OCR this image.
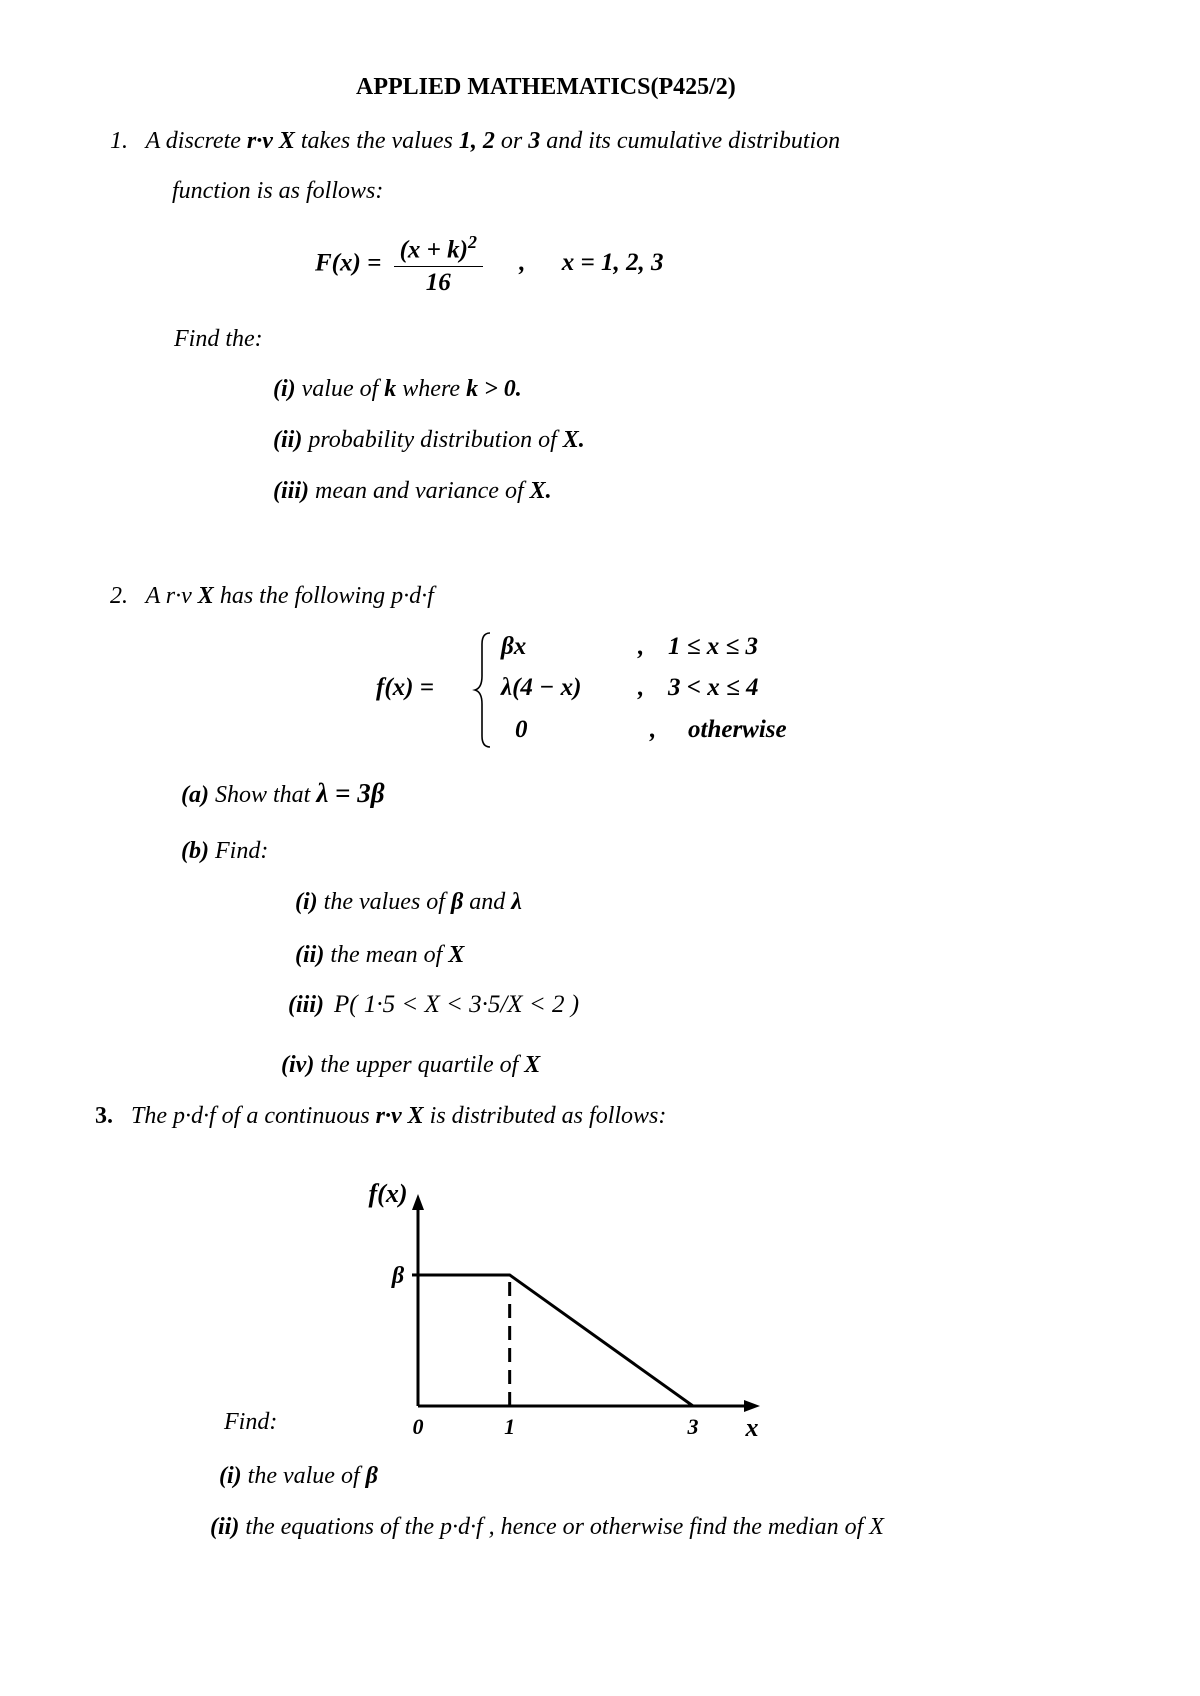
APPLIED MATHEMATICS(P425/2)
1. A discrete r·v X takes the values 1, 2 or 3 and its cumulative distribution
function is as follows:
$F(x) = \frac{(x + k)^2}{16}$ , x = 1, 2, 3
Find the:
(i) value of k where k > 0.
(ii) probability distribution of X.
(iii) mean and variance of X.
2. A r·v X has the following p·d·f
f(x) =
βx	, 1 ≤ x ≤ 3
λ(4 − x) , 3 < x ≤ 4
0	, otherwise
(a) Show that λ = 3β
(b) Find:
(i) the values of β and λ
(ii) the mean of X
(iii) P( 1·5 < X < 3·5/X < 2 )
(iv) the upper quartile of X
3. The p·d·f of a continuous r·v X is distributed as follows:
β
f(x)
0	1	3 x
Find:
(i) the value of β
(ii) the equations of the p·d·f , hence or otherwise find the median of X
